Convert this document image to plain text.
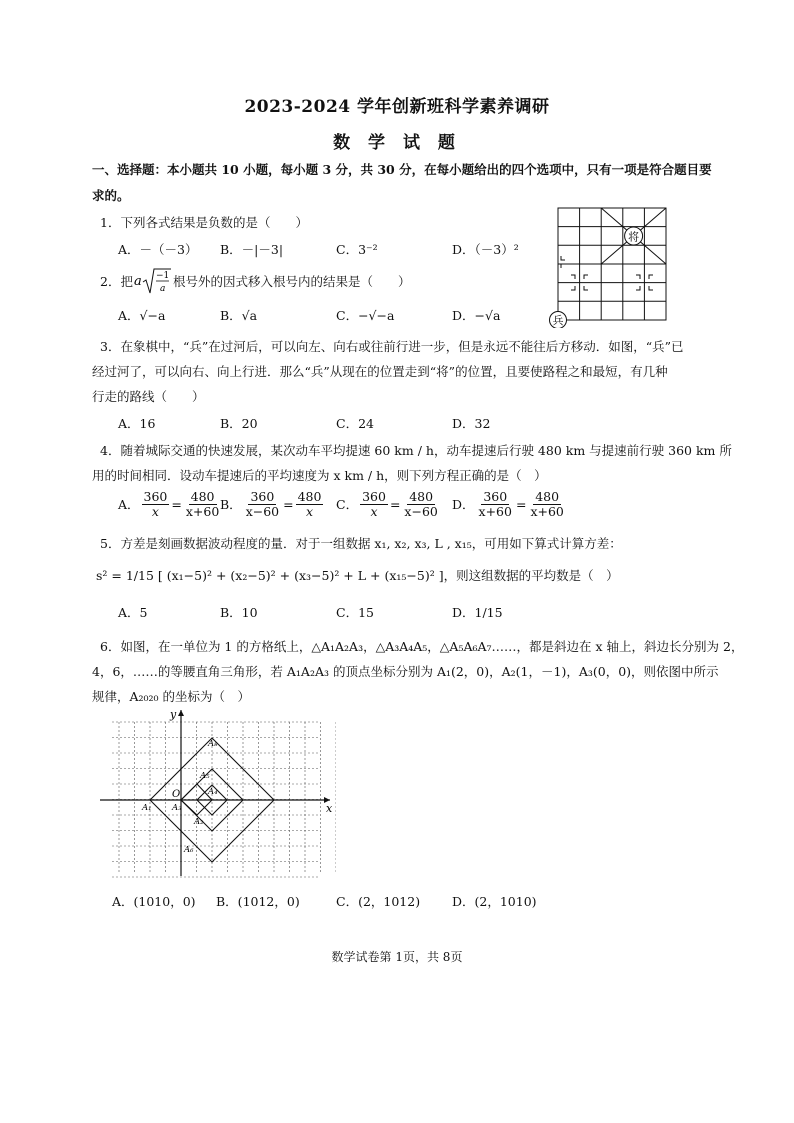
2023-2024 学年创新班科学素养调研
数 学 试 题
一、选择题：本小题共 10 小题，每小题 3 分，共 30 分，在每小题给出的四个选项中，只有一项是符合题目要
求的。
1．下列各式结果是负数的是（　　）
A．－（－3） B．－|－3|	C．3⁻²	D．（－3）²
2．把 a −1
a 根号外的因式移入根号内的结果是（　　）
A．√−a	B．√a	C．−√−a	D．−√a
将
兵
3．在象棋中，“兵”在过河后，可以向左、向右或往前行进一步，但是永远不能往后方移动．如图，“兵”已
经过河了，可以向右、向上行进．那么“兵”从现在的位置走到“将”的位置，且要使路程之和最短，有几种
行走的路线（　　）
A．16	B．20	C．24	D．32
4．随着城际交通的快速发展，某次动车平均提速 60 km / h，动车提速后行驶 480 km 与提速前行驶 360 km 所
用的时间相同．设动车提速后的平均速度为 x km / h，则下列方程正确的是（　）
A． $\frac{360}{x} = \frac{480}{x+60}$
B． $\frac{360}{x-60} = \frac{480}{x}$ C． $\frac{360}{x} = \frac{480}{x-60}$ D． $\frac{360}{x+60} = \frac{480}{x+60}$
5．方差是刻画数据波动程度的量．对于一组数据 x₁, x₂, x₃, L , x₁₅，可用如下算式计算方差：
s² = 1/15 [ (x₁−5)² + (x₂−5)² + (x₃−5)² + L + (x₁₅−5)² ]，则这组数据的平均数是（　）
A．5	B．10	C．15	D．1/15
6．如图，在一单位为 1 的方格纸上，△A₁A₂A₃，△A₃A₄A₅，△A₅A₆A₇……，都是斜边在 x 轴上，斜边长分别为 2，
4，6，……的等腰直角三角形，若 A₁A₂A₃ 的顶点坐标分别为 A₁(2，0)，A₂(1，－1)，A₃(0，0)，则依图中所示
规律，A₂₀₂₀ 的坐标为（　）
x
y
O
A₁
A₂
A₃
A₄
A₅
A₆
A₈
A．(1010，0) B．(1012，0)	C．(2，1012)	D．(2，1010)
数学试卷第 1页，共 8页
